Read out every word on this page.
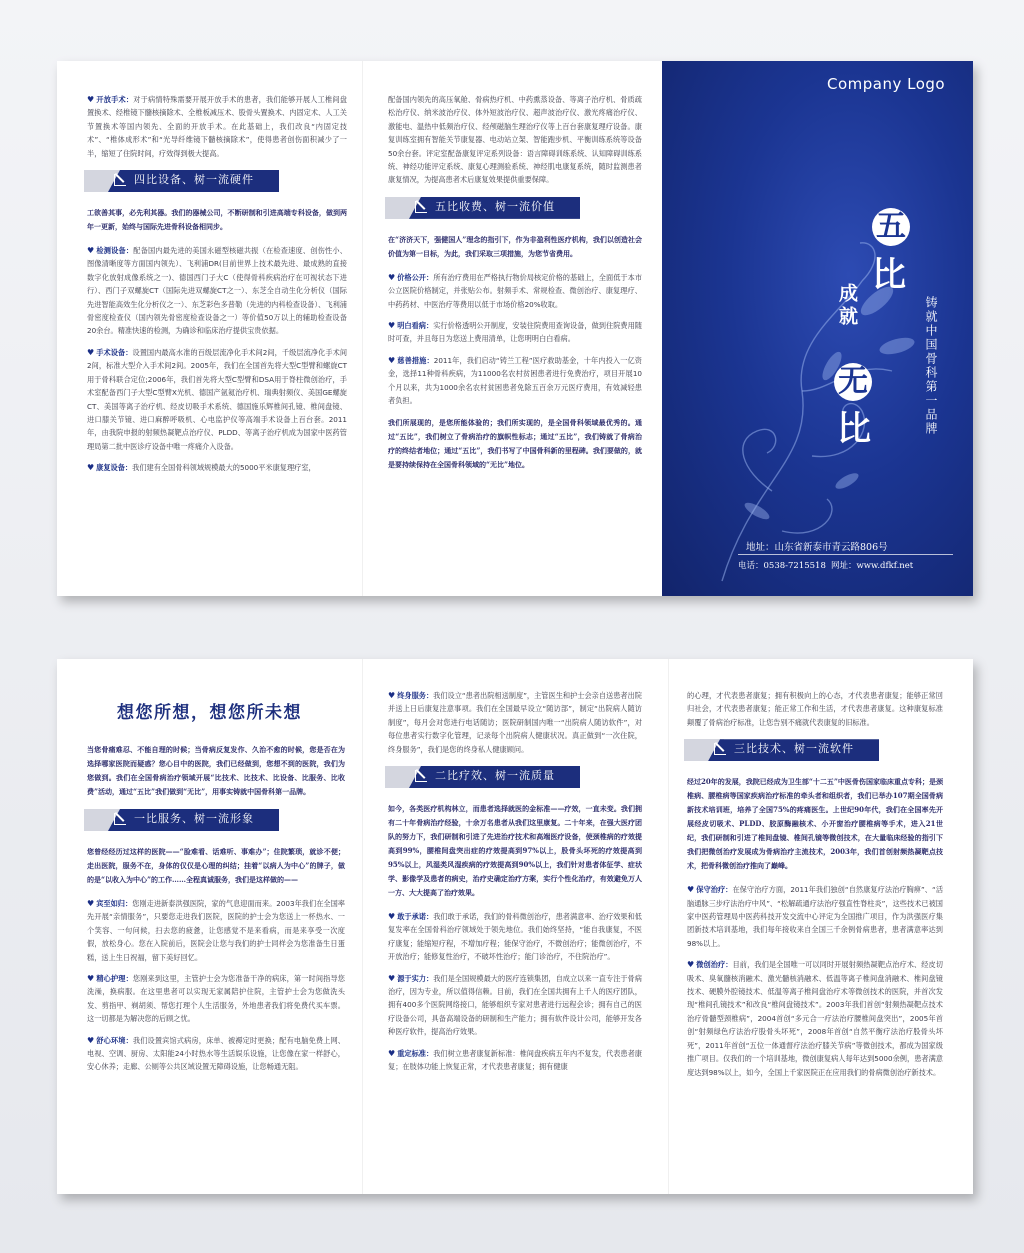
♥ 开放手术：对于病情特殊需要开展开放手术的患者，我们能够开展人工椎间盘置换术、经椎镜下髓核摘除术、全椎板减压术、股骨头置换术、内固定术、人工关节置换术等国内领先、全面的开放手术。在此基础上，我们改良“内固定技术”、“椎体成形术”和“光导纤维镜下髓核摘除术”，使得患者创伤面积减少了一半，缩短了住院时间，疗效得到极大提高。

四比设备、树一流硬件

工欲善其事，必先利其器。我们的器械公司，不断研制和引进高端专科设备，做到两年一更新，始终与国际先进骨科设备相同步。

♥ 检测设备：配备国内最先进的美国永磁型核磁共振（在检查速度、创伤性小、图像清晰度等方面国内领先）、飞利浦DR(目前世界上技术最先进、最成熟的直接数字化放射成像系统之一)、德国西门子大C（使得骨科疾病治疗在可视状态下进行）、西门子双螺旋CT（国际先进双螺旋CT之一）、东芝全自动生化分析仪（国际先进智能高效生化分析仪之一）、东芝彩色多普勒（先进的内科检查设备）、飞利浦骨密度检查仪（国内领先骨密度检查设备之一）等价值50万以上的辅助检查设备20余台。精准快速的检测，为确诊和临床治疗提供宝贵依据。

♥ 手术设备：设置国内最高水准的百级层流净化手术间2间，千级层流净化手术间2间，标准大型介入手术间2间。2005年，我们在全国首先将大型C型臂和螺旋CT用于骨科联合定位;2006年，我们首先将大型C型臂和DSA用于脊柱微创治疗，手术室配备西门子大型C型臂X光机、德国产氩氦治疗机、瑞典射频仪、美国GE螺旋CT、美国等离子治疗机、经皮切吸手术系统、德国施乐辉椎间孔镜、椎间盘镜、进口膝关节镜、进口麻醉呼吸机、心电监护仪等高端手术设备上百台套。2011年，由我院申报的射频热凝靶点治疗仪、PLDD、等离子治疗机成为国家中医药管理局第二批中医诊疗设备中唯一疼痛介入设备。

♥ 康复设备：我们建有全国骨科领域规模最大的5000平米康复理疗室，

配备国内领先的高压氧舱、骨病热疗机、中药熏蒸设备、等离子治疗机、骨质疏松治疗仪、纳米波治疗仪、体外短波治疗仪、超声波治疗仪、激光疼痛治疗仪、激能电、温热中低频治疗仪、经颅磁脑生理治疗仪等上百台套康复理疗设备。康复训练室拥有智能关节康复器、电动站立架、智能跑步机、平衡训练系统等设备50余台套。评定室配备康复评定系列设备：语言障碍训练系统、认知障碍训练系统、神经功能评定系统、康复心理测验系统、神经肌电康复系统，随时监测患者康复情况，为提高患者术后康复效果提供重要保障。

五比收费、树一流价值

在“济济天下，强健国人”理念的指引下，作为非盈利性医疗机构，我们以创造社会价值为第一目标，为此，我们采取三项措施，为您节省费用。

♥ 价格公开：所有治疗费用在严格执行物价局核定价格的基础上，全面低于本市公立医院价格制定，并张贴公布。射频手术、常规检查、微创治疗、康复理疗、中药药材、中医治疗等费用以低于市场价格20%收取。

♥ 明白看病：实行价格透明公开制度，安装住院费用查询设备，做到住院费用随时可查，并且每日为您送上费用清单，让您明明白白看病。

♥ 慈善措施：2011年，我们启动“铸兰工程”医疗救助基金，十年内投入一亿资金，选择11种骨科疾病，为11000名农村贫困患者进行免费治疗，项目开展10个月以来，共为1000余名农村贫困患者免除五百余万元医疗费用，有效减轻患者负担。

我们所展现的，是您所能体验的；我们所实现的，是全国骨科领域最优秀的。通过“五比”，我们树立了骨病治疗的旗帜性标志；通过“五比”，我们铸就了骨病治疗的终结者地位；通过“五比”，我们书写了中国骨科新的里程碑。我们要做的，就是要持续保持在全国骨科领域的“无比”地位。

Company Logo
五
比
成就
无
比	铸就中国骨科第一品牌
地址：山东省新泰市青云路806号
电话：0538-7215518 网址：www.dfkf.net
想您所想，想您所未想

当您骨痛难忍、不能自理的时候；当骨病反复发作、久治不愈的时候，您是否在为选择哪家医院而疑惑？您心目中的医院，我们已经做到，您想不到的医院，我们为您做到。我们在全国骨病治疗领域开展“比技术、比技术、比设备、比服务、比收费”活动，通过“五比”我们做到“无比”，用事实铸就中国骨科第一品牌。

一比服务、树一流形象

您曾经经历过这样的医院——“脸难看、话难听、事难办”；住院繁琐，就诊不便；走出医院，服务不在，身体的仅仅是心理的纠结；挂着“以病人为中心”的牌子，做的是“以收入为中心”的工作……全程真诚服务，我们是这样做的——

♥ 宾至如归：您刚走进新泰洪强医院，家的气息迎面而来。2003年我们在全国率先开展“亲情服务”，只要您走进我们医院，医院的护士会为您送上一杯热水、一个笑容、一句问候，扫去您的疲惫，让您感觉不是来看病，而是来享受一次度假，放松身心。您在入院前后，医院会让您与我们的护士同样会为您准备生日蛋糕，送上生日祝福，留下美好回忆。

♥ 精心护理：您刚来到这里，主管护士会为您准备干净的病床，第一时间指导您洗澡，换病服。在这里患者可以实现无家属陪护住院，主管护士会为您做洗头发、剪指甲、剃胡须、帮您打理个人生活服务，外地患者我们将免费代买车票。这一切都是为解决您的后顾之忧。

♥ 舒心环境：我们设置宾馆式病房，床单、被褥定时更换；配有电脑免费上网、电视、空调、厨房、太阳能24小时热水等生活娱乐设施，让您像在家一样舒心，安心休养；走廊、公厕等公共区域设置无障碍设施，让您畅通无阻。

♥ 终身服务：我们设立“患者出院相送制度”，主管医生和护士会亲自送患者出院并送上日后康复注意事项。我们在全国最早设立“随访部”，制定“出院病人随访制度”，每月会对您进行电话随访；医院研制国内唯一“出院病人随访软件”，对每位患者实行数字化管理，记录每个出院病人健康状况。真正做到“一次住院，终身服务”，我们是您的终身私人健康顾问。

二比疗效、树一流质量

如今，各类医疗机构林立，而患者选择就医的金标准——疗效，一直未变。我们拥有二十年骨病治疗经验，十余万名患者从我们这里康复。二十年来，在强大医疗团队的努力下，我们研制和引进了先进治疗技术和高端医疗设备，使颈椎病的疗效提高到99%，腰椎间盘突出症的疗效提高到97%以上，股骨头坏死的疗效提高到95%以上，风湿类风湿疾病的疗效提高到90%以上，我们针对患者体征学、症状学、影像学及患者的病史，治疗史确定治疗方案，实行个性化治疗，有效避免万人一方、大大提高了治疗效果。

♥ 敢于承诺：我们敢于承诺，我们的骨科微创治疗，患者满意率、治疗效果和低复发率在全国骨科治疗领域处于领先地位。我们始终坚持，“能自我康复，不医疗康复；能缩短疗程，不增加疗程；能保守治疗，不微创治疗；能微创治疗，不开放治疗；能修复性治疗，不破坏性治疗；能门诊治疗，不住院治疗”。

♥ 源于实力：我们是全国规模最大的医疗连锁集团，自成立以来一直专注于骨病治疗，因为专业，所以值得信赖。目前，我们在全国共拥有上千人的医疗团队，拥有400多个医院网络接口，能够组织专家对患者进行远程会诊；拥有自己的医疗设备公司，具备高端设备的研制和生产能力；拥有软件设计公司，能够开发各种医疗软件，提高治疗效果。

♥ 重定标准：我们树立患者康复新标准：椎间盘疾病五年内不复发，代表患者康复；在肢体功能上恢复正常，才代表患者康复；拥有健康

的心理，才代表患者康复；拥有积极向上的心态，才代表患者康复；能够正常回归社会，才代表患者康复；能正常工作和生活，才代表患者康复。这种康复标准颠覆了骨病治疗标准，让您告别不痛就代表康复的旧标准。

三比技术、树一流软件

经过20年的发展，我院已经成为卫生部“十二五”中医骨伤国家临床重点专科；是颈椎病、腰椎病等国家疾病治疗标准的牵头者和组织者，我们已举办107期全国骨病新技术培训班，培养了全国75%的疼痛医生。上世纪90年代，我们在全国率先开展经皮切吸术、PLDD、胶原酶融核术、小开窗治疗腰椎病等手术，进入21世纪，我们研制和引进了椎间盘镜、椎间孔镜等微创技术，在大量临床经验的指引下我们把微创治疗发展成为骨病治疗主流技术，2003年，我们首创射频热凝靶点技术，把骨科微创治疗推向了巅峰。

♥ 保守治疗：在保守治疗方面，2011年我们独创“自然康复疗法治疗胸痹”、“活脑通脉三步疗法治疗中风”、“松解疏通疗法治疗强直性脊柱炎”，这些技术已被国家中医药管理局中医药科技开发交流中心评定为全国推广项目，作为洪强医疗集团新技术培训基地，我们每年接收来自全国三千余例骨病患者，患者满意率达到98%以上。

♥ 微创治疗：目前，我们是全国唯一可以同时开展射频热凝靶点治疗术、经皮切吸术、臭氧髓核消融术、激光髓核消融术、低温等离子椎间盘消融术、椎间盘镜技术、硬膜外腔镜技术、低温等离子椎间盘治疗术等微创技术的医院，并首次发现“椎间孔镜技术”和改良“椎间盘镜技术”。2003年我们首创“射频热凝靶点技术治疗骨髓型颈椎病”，2004首创“多元合一疗法治疗腰椎间盘突出”，2005年首创“射频绿色疗法治疗股骨头坏死”，2008年首创“自然平衡疗法治疗股骨头坏死”，2011年首创“五位一体通督疗法治疗膝关节病”等微创技术，都成为国家级推广项目。仅我们的一个培训基地，微创康复病人每年达到5000余例，患者满意度达到98%以上，如今，全国上千家医院正在应用我们的骨病微创治疗新技术。
